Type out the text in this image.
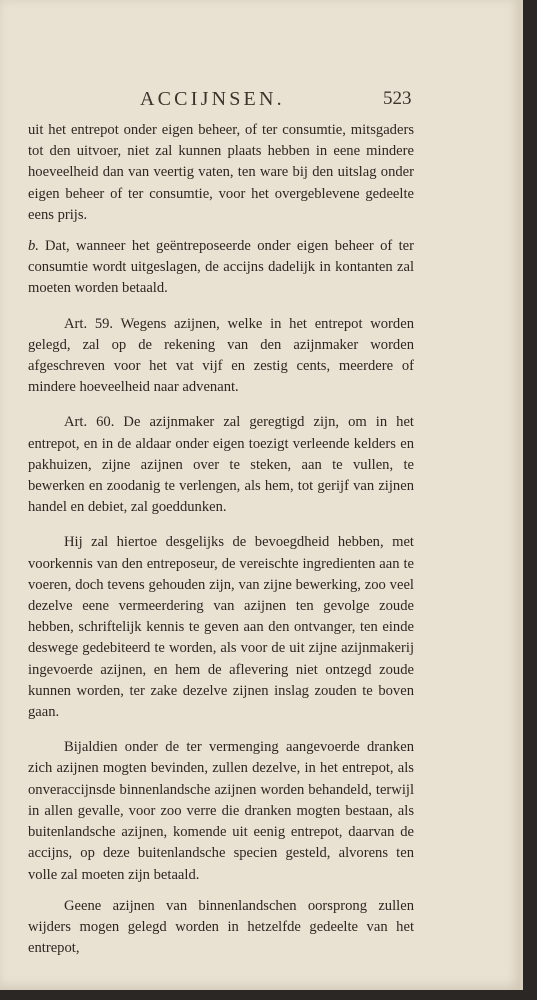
ACCIJNSEN.	523

uit het entrepot onder eigen beheer, of ter consumtie, mitsgaders tot den uitvoer, niet zal kunnen plaats hebben in eene mindere hoeveelheid dan van veertig vaten, ten ware bij den uitslag onder eigen beheer of ter consumtie, voor het overgeblevene gedeelte eens prijs.

b. Dat, wanneer het geëntreposeerde onder eigen beheer of ter consumtie wordt uitgeslagen, de accijns dadelijk in kontanten zal moeten worden betaald.

Art. 59. Wegens azijnen, welke in het entrepot worden gelegd, zal op de rekening van den azijnmaker worden afgeschreven voor het vat vijf en zestig cents, meerdere of mindere hoeveelheid naar advenant.

Art. 60. De azijnmaker zal geregtigd zijn, om in het entrepot, en in de aldaar onder eigen toezigt verleende kelders en pakhuizen, zijne azijnen over te steken, aan te vullen, te bewerken en zoodanig te verlengen, als hem, tot gerijf van zijnen handel en debiet, zal goeddunken.

Hij zal hiertoe desgelijks de bevoegdheid hebben, met voorkennis van den entreposeur, de vereischte ingredienten aan te voeren, doch tevens gehouden zijn, van zijne bewerking, zoo veel dezelve eene vermeerdering van azijnen ten gevolge zoude hebben, schriftelijk kennis te geven aan den ontvanger, ten einde deswege gedebiteerd te worden, als voor de uit zijne azijnmakerij ingevoerde azijnen, en hem de aflevering niet ontzegd zoude kunnen worden, ter zake dezelve zijnen inslag zouden te boven gaan.

Bijaldien onder de ter vermenging aangevoerde dranken zich azijnen mogten bevinden, zullen dezelve, in het entrepot, als onveraccijnsde binnenlandsche azijnen worden behandeld, terwijl in allen gevalle, voor zoo verre die dranken mogten bestaan, als buitenlandsche azijnen, komende uit eenig entrepot, daarvan de accijns, op deze buitenlandsche specien gesteld, alvorens ten volle zal moeten zijn betaald.

Geene azijnen van binnenlandschen oorsprong zullen wijders mogen gelegd worden in hetzelfde gedeelte van het entrepot,
